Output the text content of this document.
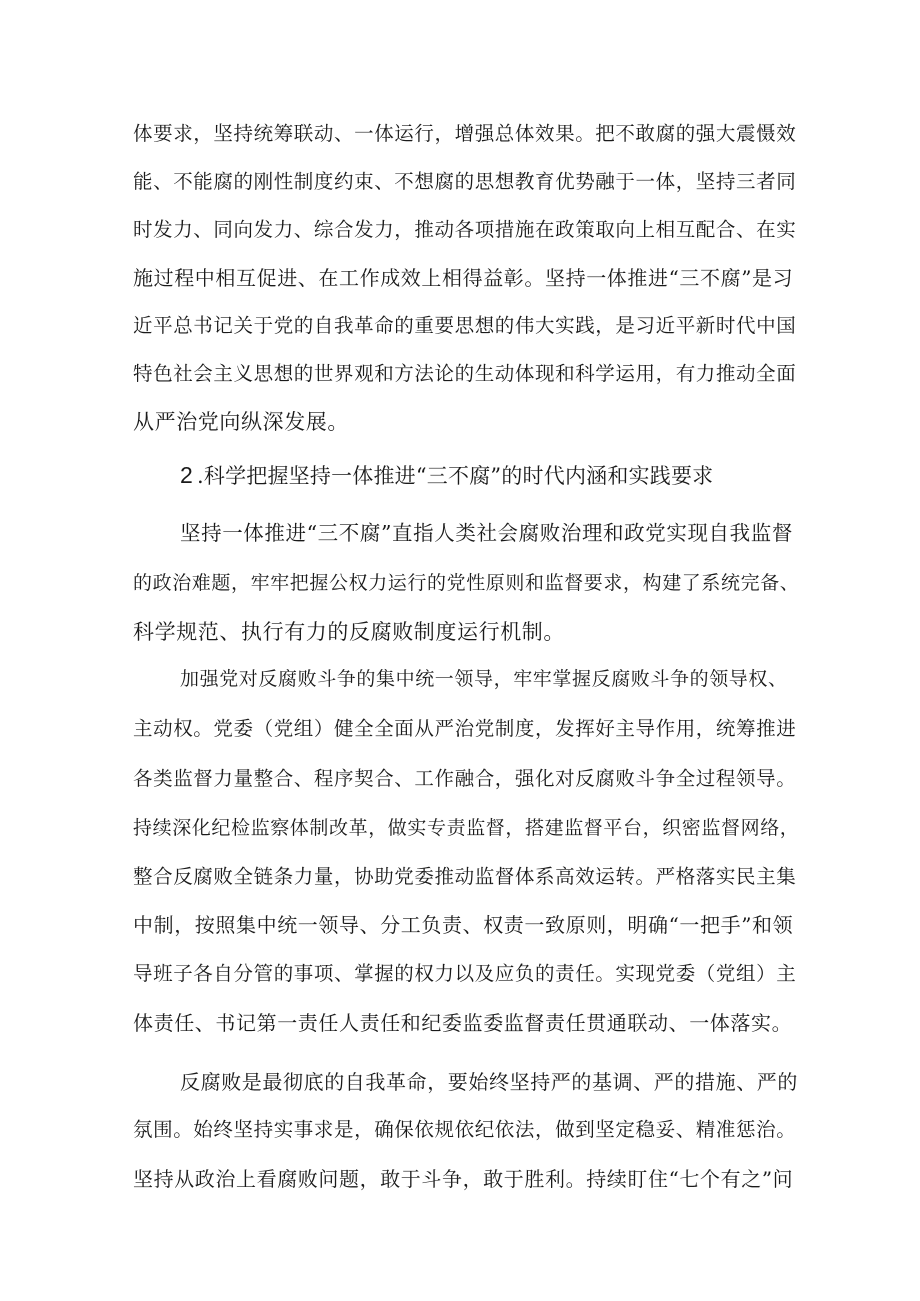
体要求，坚持统筹联动、一体运行，增强总体效果。把不敢腐的强大震慑效
能、不能腐的刚性制度约束、不想腐的思想教育优势融于一体，坚持三者同
时发力、同向发力、综合发力，推动各项措施在政策取向上相互配合、在实
施过程中相互促进、在工作成效上相得益彰。坚持一体推进“三不腐”是习
近平总书记关于党的自我革命的重要思想的伟大实践，是习近平新时代中国
特色社会主义思想的世界观和方法论的生动体现和科学运用，有力推动全面
从严治党向纵深发展。
2 .科学把握坚持一体推进“三不腐”的时代内涵和实践要求
坚持一体推进“三不腐”直指人类社会腐败治理和政党实现自我监督
的政治难题，牢牢把握公权力运行的党性原则和监督要求，构建了系统完备、
科学规范、执行有力的反腐败制度运行机制。
加强党对反腐败斗争的集中统一领导，牢牢掌握反腐败斗争的领导权、
主动权。党委（党组）健全全面从严治党制度，发挥好主导作用，统筹推进
各类监督力量整合、程序契合、工作融合，强化对反腐败斗争全过程领导。
持续深化纪检监察体制改革，做实专责监督，搭建监督平台，织密监督网络，
整合反腐败全链条力量，协助党委推动监督体系高效运转。严格落实民主集
中制，按照集中统一领导、分工负责、权责一致原则，明确“一把手”和领
导班子各自分管的事项、掌握的权力以及应负的责任。实现党委（党组）主
体责任、书记第一责任人责任和纪委监委监督责任贯通联动、一体落实。
反腐败是最彻底的自我革命，要始终坚持严的基调、严的措施、严的
氛围。始终坚持实事求是，确保依规依纪依法，做到坚定稳妥、精准惩治。
坚持从政治上看腐败问题，敢于斗争，敢于胜利。持续盯住“七个有之”问
